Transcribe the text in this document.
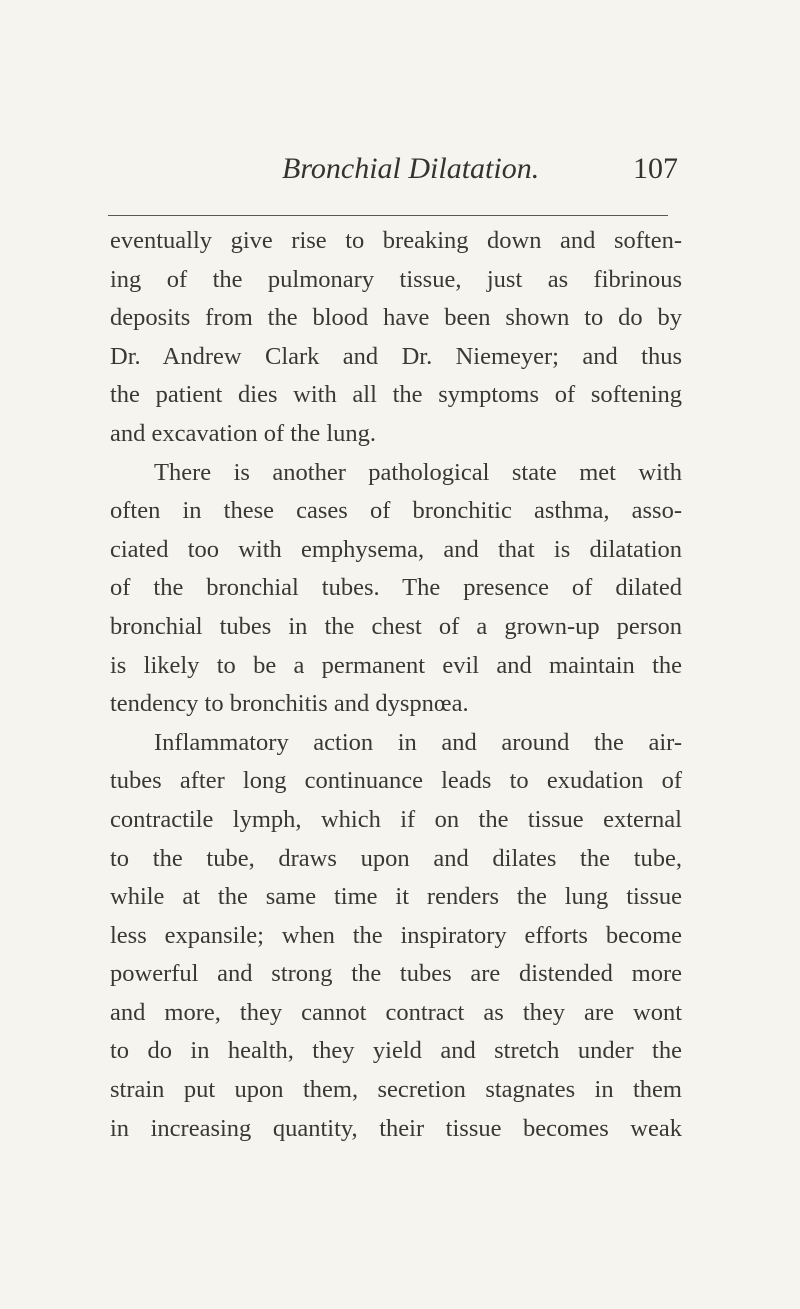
Bronchial Dilatation.	107
eventually give rise to breaking down and soften-
ing of the pulmonary tissue, just as fibrinous
deposits from the blood have been shown to do by
Dr. Andrew Clark and Dr. Niemeyer; and thus
the patient dies with all the symptoms of softening
and excavation of the lung.
There is another pathological state met with
often in these cases of bronchitic asthma, asso-
ciated too with emphysema, and that is dilatation
of the bronchial tubes. The presence of dilated
bronchial tubes in the chest of a grown-up person
is likely to be a permanent evil and maintain the
tendency to bronchitis and dyspnœa.
Inflammatory action in and around the air-
tubes after long continuance leads to exudation of
contractile lymph, which if on the tissue external
to the tube, draws upon and dilates the tube,
while at the same time it renders the lung tissue
less expansile; when the inspiratory efforts become
powerful and strong the tubes are distended more
and more, they cannot contract as they are wont
to do in health, they yield and stretch under the
strain put upon them, secretion stagnates in them
in increasing quantity, their tissue becomes weak
